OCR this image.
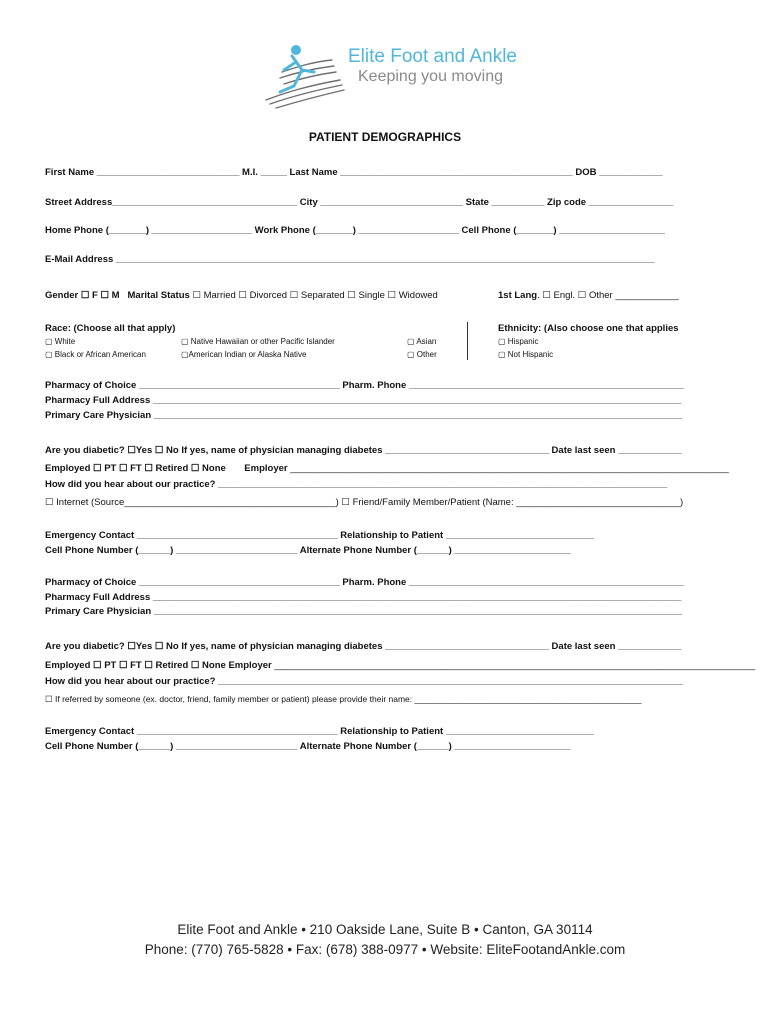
Elite Foot and Ankle
Keeping you moving
PATIENT DEMOGRAPHICS
First Name ___________________________ M.I. _____ Last Name ____________________________________________ DOB ____________
Street Address___________________________________ City ___________________________ State __________ Zip code ________________
Home Phone (_______) ___________________ Work Phone (_______) ___________________ Cell Phone (_______) ____________________
E-Mail Address ______________________________________________________________________________________________________
Gender ☐ F ☐ M Marital Status ☐ Married ☐ Divorced ☐ Separated ☐ Single ☐ Widowed	1st Lang. ☐ Engl. ☐ Other ____________
Race: (Choose all that apply)
▢ White
▢ Black or African American
▢ Native Hawaiian or other Pacific Islander
▢American Indian or Alaska Native
▢ Asian
▢ Other
Ethnicity: (Also choose one that applies
▢ Hispanic
▢ Not Hispanic
Pharmacy of Choice ______________________________________ Pharm. Phone ____________________________________________________
Pharmacy Full Address ____________________________________________________________________________________________________
Primary Care Physician ____________________________________________________________________________________________________
Are you diabetic? ☐Yes ☐ No If yes, name of physician managing diabetes _______________________________ Date last seen ____________
Employed ☐ PT ☐ FT ☐ Retired ☐ None Employer ___________________________________________________________________________________
How did you hear about our practice? _____________________________________________________________________________________
☐ Internet (Source________________________________________) ☐ Friend/Family Member/Patient (Name: _______________________________)
Emergency Contact ______________________________________ Relationship to Patient ____________________________
Cell Phone Number (______) _______________________ Alternate Phone Number (______) ______________________
Pharmacy of Choice ______________________________________ Pharm. Phone ____________________________________________________
Pharmacy Full Address ____________________________________________________________________________________________________
Primary Care Physician ____________________________________________________________________________________________________
Are you diabetic? ☐Yes ☐ No If yes, name of physician managing diabetes _______________________________ Date last seen ____________
Employed ☐ PT ☐ FT ☐ Retired ☐ None Employer ___________________________________________________________________________________________
How did you hear about our practice? ________________________________________________________________________________________
☐ If referred by someone (ex. doctor, friend, family member or patient) please provide their name: ________________________________________________
Emergency Contact ______________________________________ Relationship to Patient ____________________________
Cell Phone Number (______) _______________________ Alternate Phone Number (______) ______________________
Elite Foot and Ankle • 210 Oakside Lane, Suite B • Canton, GA 30114
Phone: (770) 765-5828 • Fax: (678) 388-0977 • Website: EliteFootandAnkle.com
